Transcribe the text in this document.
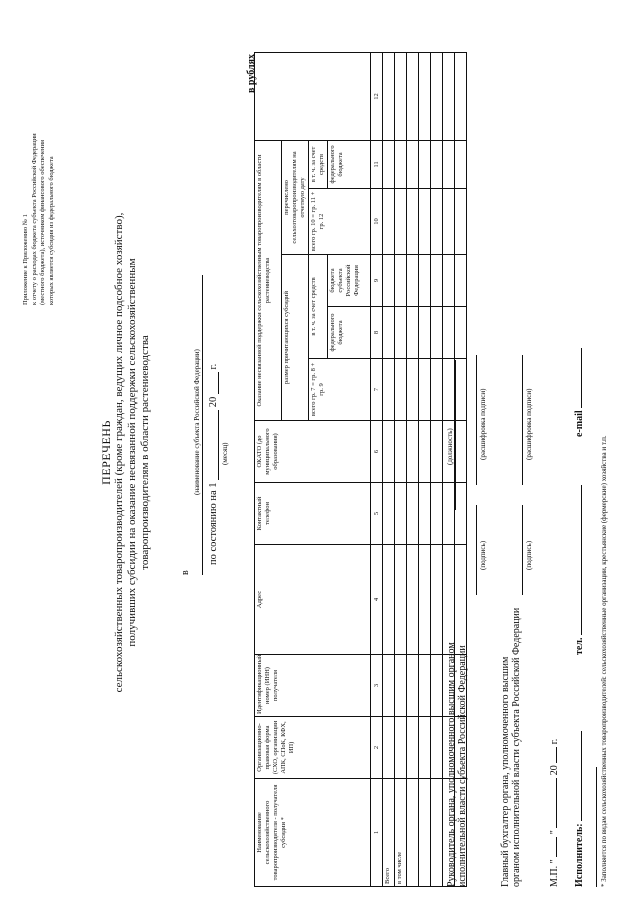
Приложение к Приложению № 1 к отчету о расходах бюджета субъекта Российской Федерации (местного бюджета), источником финансового обеспечения которых является субсидия из федерального бюджета
ПЕРЕЧЕНЬ сельскохозяйственных товаропроизводителей (кроме граждан, ведущих личное подсобное хозяйство), получивших субсидии на оказание несвязанной поддержки сельскохозяйственным товаропроизводителям в области растениеводства
в
(наименование субъекта Российской Федерации)
по состоянию на 1  20  г.
(месяц)
в рублях
Наименование сельскохозяйственного товаропроизводителя - получателя субсидии *	Организационно-правовая форма (СХО, организации АПК, СПоК, КФХ, ИП)	Идентификационный номер (ИНН) получателя	Адрес	Контактный телефон	ОКАТО (до муниципального образования)	Оказание несвязанной поддержки сельскохозяйственным товаропроизводителям в области растениеводства					
						размер причитающихся субсидий			перечислено сельхозтоваропроизводителям на отчетную дату		
						всего гр. 7 = гр. 8 + гр. 9	в т. ч. за счет средств		всего гр. 10 = гр. 11 + гр. 12	в т. ч. за счет средств	
							федерального бюджета	бюджета субъекта Российской Федерации		федерального бюджета	
1	2	3	4	5	6	7	8	9	10	11	12
Всего											
в том числе											

												Руководитель органа, уполномоченного высшим органом исполнительной власти субъекта Российской Федерации
(должность)
(подпись)
(расшифровка подписи)
Главный бухгалтер органа, уполномоченного высшим органом исполнительной власти субъекта Российской Федерации
(подпись)
(расшифровка подписи)
М.П. "  "  20  г.
Исполнитель:
тел.
e-mail
* Заполняется по видам сельскохозяйственных товаропроизводителей: сельскохозяйственные организации, крестьянские (фермерские) хозяйства и т.п.
